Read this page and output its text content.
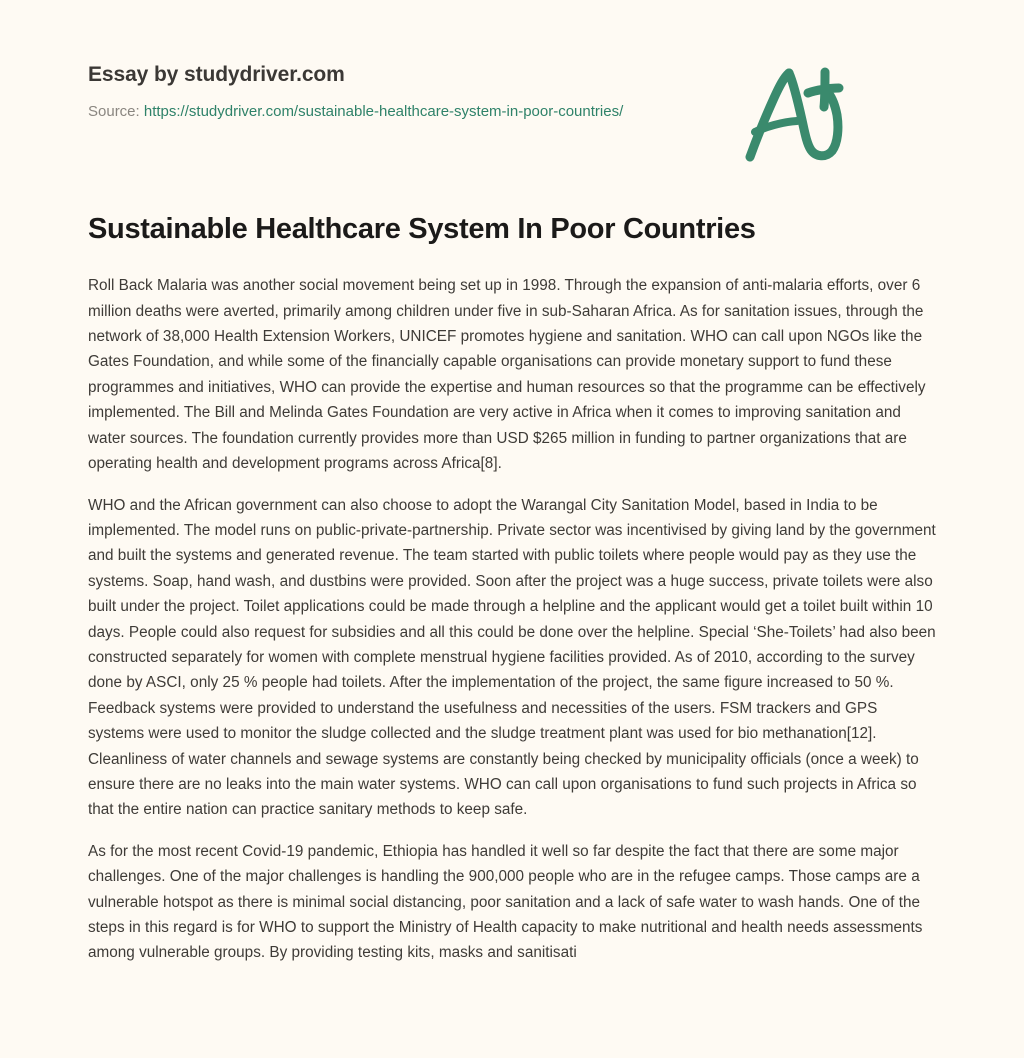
Essay by studydriver.com
Source: https://studydriver.com/sustainable-healthcare-system-in-poor-countries/
Sustainable Healthcare System In Poor Countries

Roll Back Malaria was another social movement being set up in 1998. Through the expansion of anti-malaria efforts, over 6 million deaths were averted, primarily among children under five in sub-Saharan Africa. As for sanitation issues, through the network of 38,000 Health Extension Workers, UNICEF promotes hygiene and sanitation. WHO can call upon NGOs like the Gates Foundation, and while some of the financially capable organisations can provide monetary support to fund these programmes and initiatives, WHO can provide the expertise and human resources so that the programme can be effectively implemented. The Bill and Melinda Gates Foundation are very active in Africa when it comes to improving sanitation and water sources. The foundation currently provides more than USD $265 million in funding to partner organizations that are operating health and development programs across Africa[8].

WHO and the African government can also choose to adopt the Warangal City Sanitation Model, based in India to be implemented. The model runs on public-private-partnership. Private sector was incentivised by giving land by the government and built the systems and generated revenue. The team started with public toilets where people would pay as they use the systems. Soap, hand wash, and dustbins were provided. Soon after the project was a huge success, private toilets were also built under the project. Toilet applications could be made through a helpline and the applicant would get a toilet built within 10 days. People could also request for subsidies and all this could be done over the helpline. Special ‘She-Toilets’ had also been constructed separately for women with complete menstrual hygiene facilities provided. As of 2010, according to the survey done by ASCI, only 25 % people had toilets. After the implementation of the project, the same figure increased to 50 %. Feedback systems were provided to understand the usefulness and necessities of the users. FSM trackers and GPS systems were used to monitor the sludge collected and the sludge treatment plant was used for bio methanation[12]. Cleanliness of water channels and sewage systems are constantly being checked by municipality officials (once a week) to ensure there are no leaks into the main water systems. WHO can call upon organisations to fund such projects in Africa so that the entire nation can practice sanitary methods to keep safe.

As for the most recent Covid-19 pandemic, Ethiopia has handled it well so far despite the fact that there are some major challenges. One of the major challenges is handling the 900,000 people who are in the refugee camps. Those camps are a vulnerable hotspot as there is minimal social distancing, poor sanitation and a lack of safe water to wash hands. One of the steps in this regard is for WHO to support the Ministry of Health capacity to make nutritional and health needs assessments among vulnerable groups. By providing testing kits, masks and sanitisati
